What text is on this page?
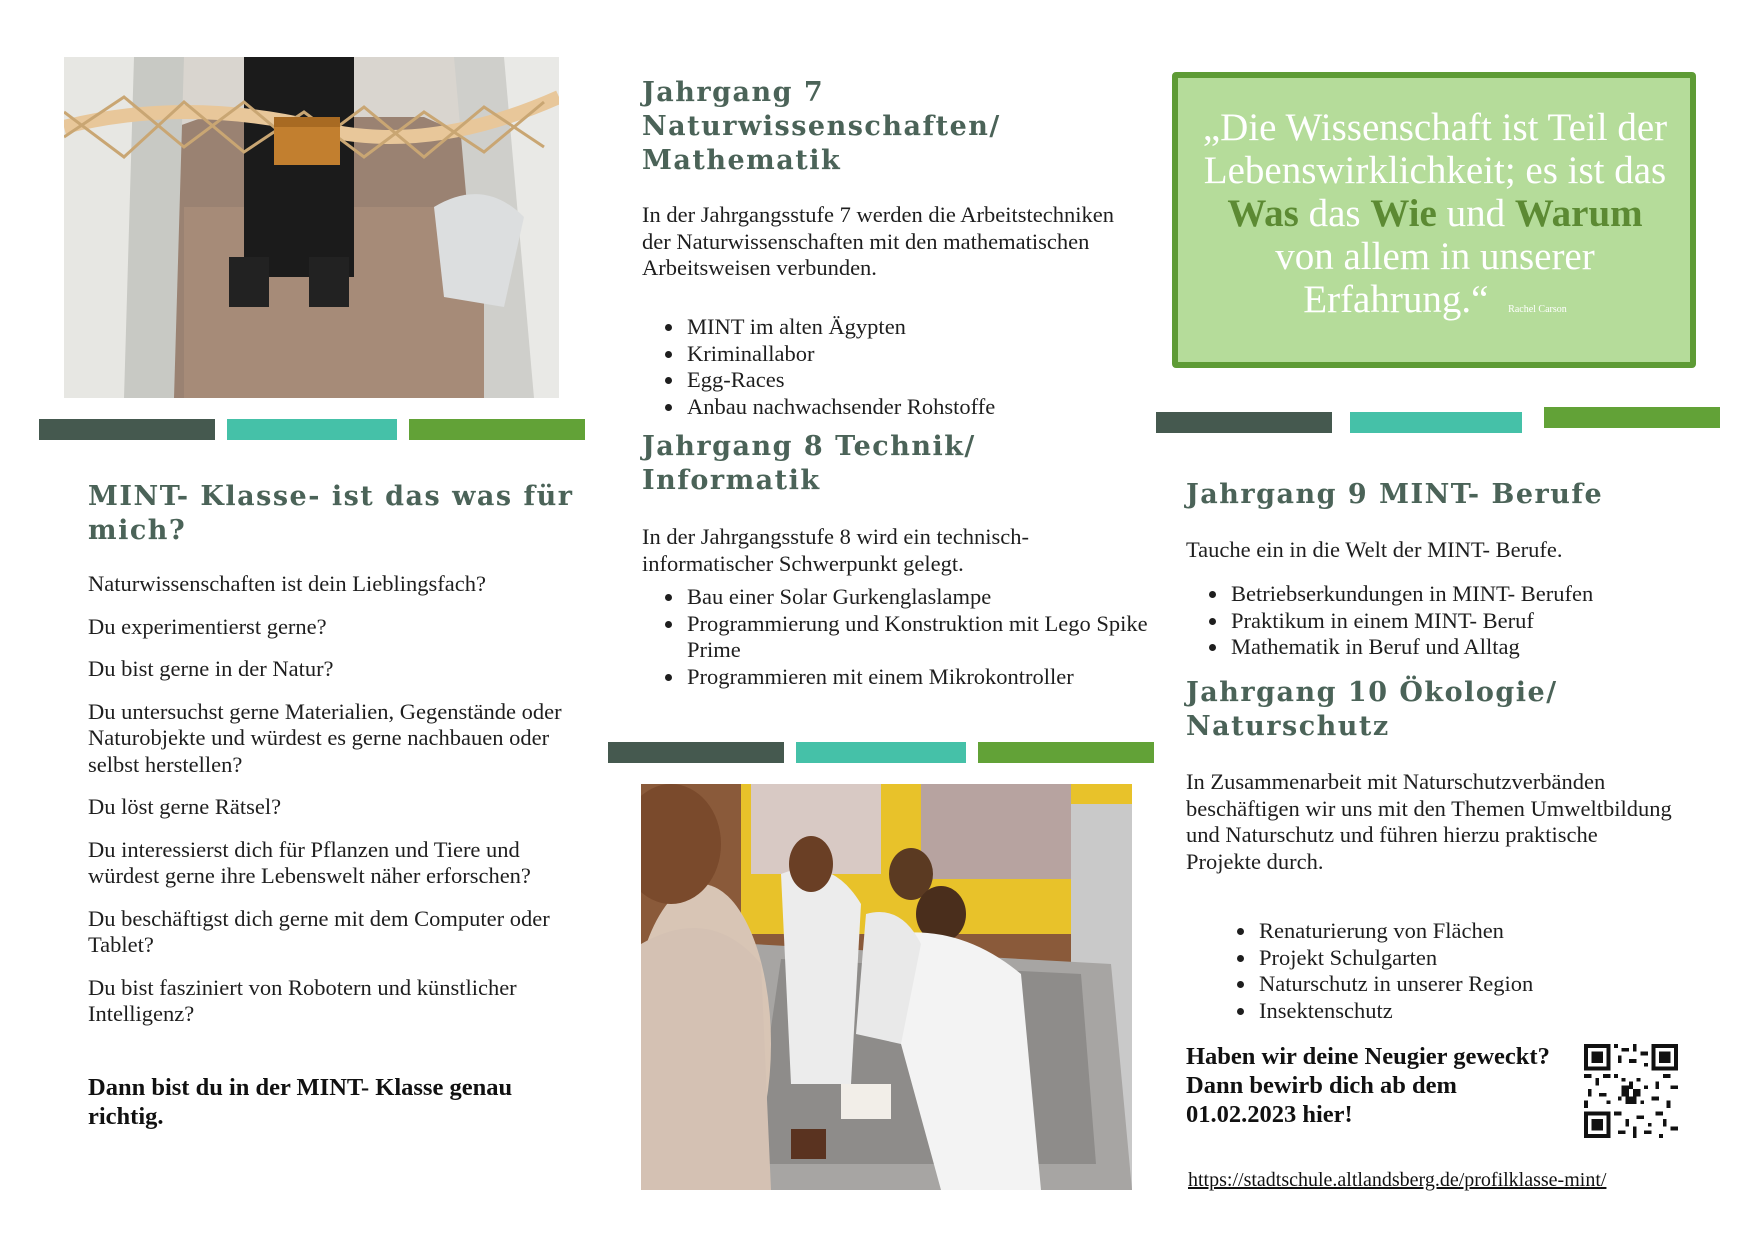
MINT- Klasse- ist das was für mich?

Naturwissenschaften ist dein Lieblingsfach?

Du experimentierst gerne?

Du bist gerne in der Natur?

Du untersuchst gerne Materialien, Gegenstände oder Naturobjekte und würdest es gerne nachbauen oder selbst herstellen?

Du löst gerne Rätsel?

Du interessierst dich für Pflanzen und Tiere und würdest gerne ihre Lebenswelt näher erforschen?

Du beschäftigst dich gerne mit dem Computer oder Tablet?

Du bist fasziniert von Robotern und künstlicher Intelligenz?

Dann bist du in der MINT- Klasse genau richtig.
Jahrgang 7 Naturwissenschaften/ Mathematik
In der Jahrgangsstufe 7 werden die Arbeitstechniken der Naturwissenschaften mit den mathematischen Arbeitsweisen verbunden.
• MINT im alten Ägypten
• Kriminallabor
• Egg-Races
• Anbau nachwachsender Rohstoffe
Jahrgang 8 Technik/ Informatik
In der Jahrgangsstufe 8 wird ein technisch-informatischer Schwerpunkt gelegt.
• Bau einer Solar Gurkenglaslampe
• Programmierung und Konstruktion mit Lego Spike Prime
• Programmieren mit einem Mikrokontroller
„Die Wissenschaft ist Teil der Lebenswirklichkeit; es ist das Was das Wie und Warum von allem in unserer Erfahrung.“ Rachel Carson
Jahrgang 9 MINT- Berufe
Tauche ein in die Welt der MINT- Berufe.
• Betriebserkundungen in MINT- Berufen
• Praktikum in einem MINT- Beruf
• Mathematik in Beruf und Alltag
Jahrgang 10 Ökologie/ Naturschutz
In Zusammenarbeit mit Naturschutzverbänden beschäftigen wir uns mit den Themen Umweltbildung und Naturschutz und führen hierzu praktische Projekte durch.
• Renaturierung von Flächen
• Projekt Schulgarten
• Naturschutz in unserer Region
• Insektenschutz
Haben wir deine Neugier geweckt? Dann bewirb dich ab dem 01.02.2023 hier!
https://stadtschule.altlandsberg.de/profilklasse-mint/
